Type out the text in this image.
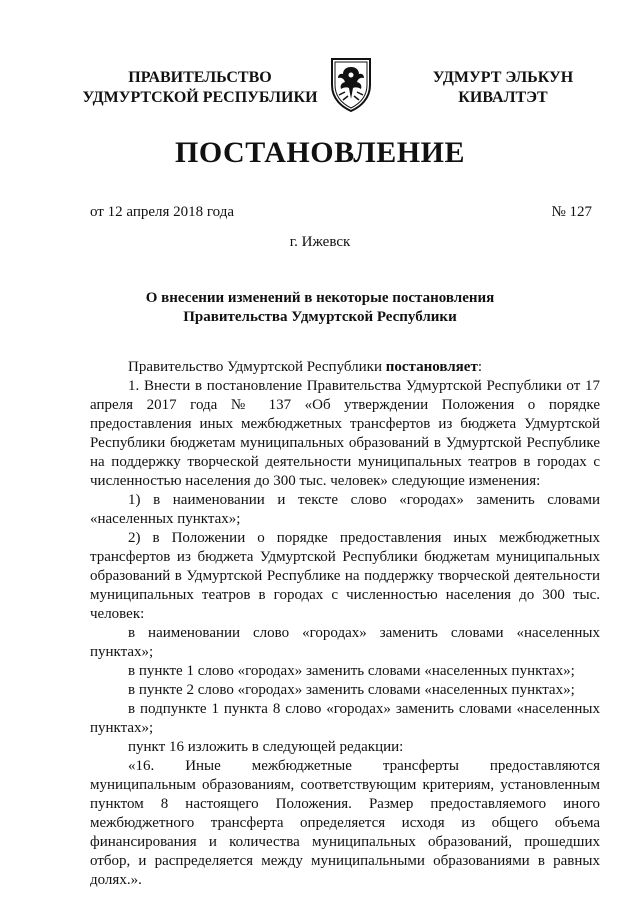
ПРАВИТЕЛЬСТВО
УДМУРТСКОЙ РЕСПУБЛИКИ
УДМУРТ ЭЛЬКУН
КИВАЛТЭТ
ПОСТАНОВЛЕНИЕ
от 12 апреля 2018 года	№ 127
г. Ижевск
О внесении изменений в некоторые постановления
Правительства Удмуртской Республики

Правительство Удмуртской Республики постановляет:

1. Внести в постановление Правительства Удмуртской Республики от 17 апреля 2017 года № 137 «Об утверждении Положения о порядке предоставления иных межбюджетных трансфертов из бюджета Удмуртской Республики бюджетам муниципальных образований в Удмуртской Республике на поддержку творческой деятельности муниципальных театров в городах с численностью населения до 300 тыс. человек» следующие изменения:

1) в наименовании и тексте слово «городах» заменить словами «населенных пунктах»;

2) в Положении о порядке предоставления иных межбюджетных трансфертов из бюджета Удмуртской Республики бюджетам муниципальных образований в Удмуртской Республике на поддержку творческой деятельности муниципальных театров в городах с численностью населения до 300 тыс. человек:

в наименовании слово «городах» заменить словами «населенных пунктах»;

в пункте 1 слово «городах» заменить словами «населенных пунктах»;

в пункте 2 слово «городах» заменить словами «населенных пунктах»;

в подпункте 1 пункта 8 слово «городах» заменить словами «населенных пунктах»;

пункт 16 изложить в следующей редакции:

«16. Иные межбюджетные трансферты предоставляются муниципальным образованиям, соответствующим критериям, установленным пунктом 8 настоящего Положения. Размер предоставляемого иного межбюджетного трансферта определяется исходя из общего объема финансирования и количества муниципальных образований, прошедших отбор, и распределяется между муниципальными образованиями в равных долях.».
